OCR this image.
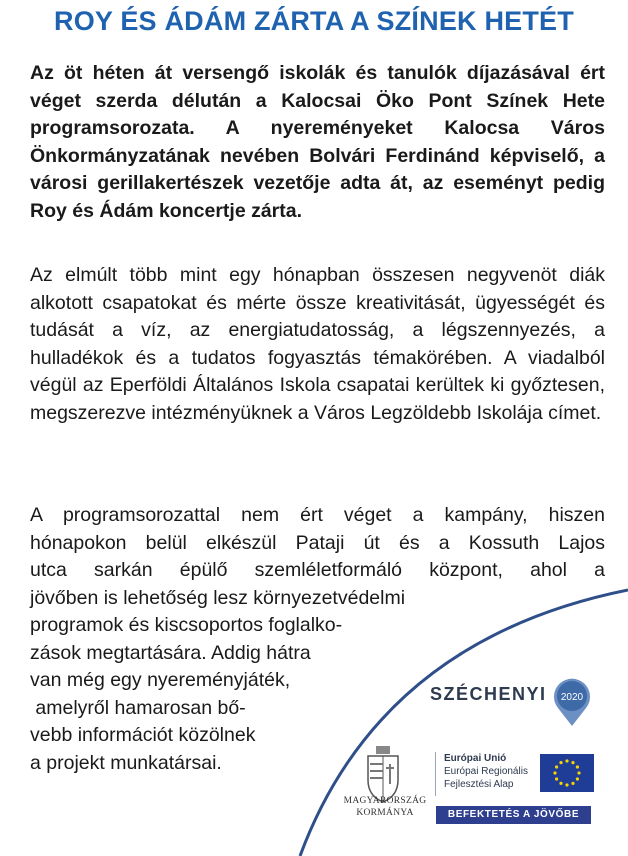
ROY ÉS ÁDÁM ZÁRTA A SZÍNEK HETÉT

Az öt héten át versengő iskolák és tanulók díjazásával ért véget szerda délután a Kalocsai Öko Pont Színek Hete programsorozata. A nyereményeket Kalocsa Város Önkormányzatának nevében Bolvári Ferdinánd képviselő, a városi gerillakertészek vezetője adta át, az eseményt pedig Roy és Ádám koncertje zárta.

Az elmúlt több mint egy hónapban összesen negyvenöt diák alkotott csapatokat és mérte össze kreativitását, ügyességét és tudását a víz, az energiatudatosság, a légszennyezés, a hulladékok és a tudatos fogyasztás témakörében. A viadalból végül az Eperföldi Általános Iskola csapatai kerültek ki győztesen, megszerezve intézményüknek a Város Legzöldebb Iskolája címet.

A programsorozattal nem ért véget a kampány, hiszen
hónapokon belül elkészül Pataji út és a Kossuth Lajos
utca sarkán épülő szemléletformáló központ, ahol a
jövőben is lehetőség lesz környezetvédelmi
programok és kiscsoportos foglalko-
zások megtartására. Addig hátra
van még egy nyereményjáték,
amelyről hamarosan bő-
vebb információt közölnek
a projekt munkatársai.
SZÉCHENYI 2020
MAGYARORSZÁG
KORMÁNYA
Európai Unió
Európai Regionális
Fejlesztési Alap
BEFEKTETÉS A JÖVŐBE
